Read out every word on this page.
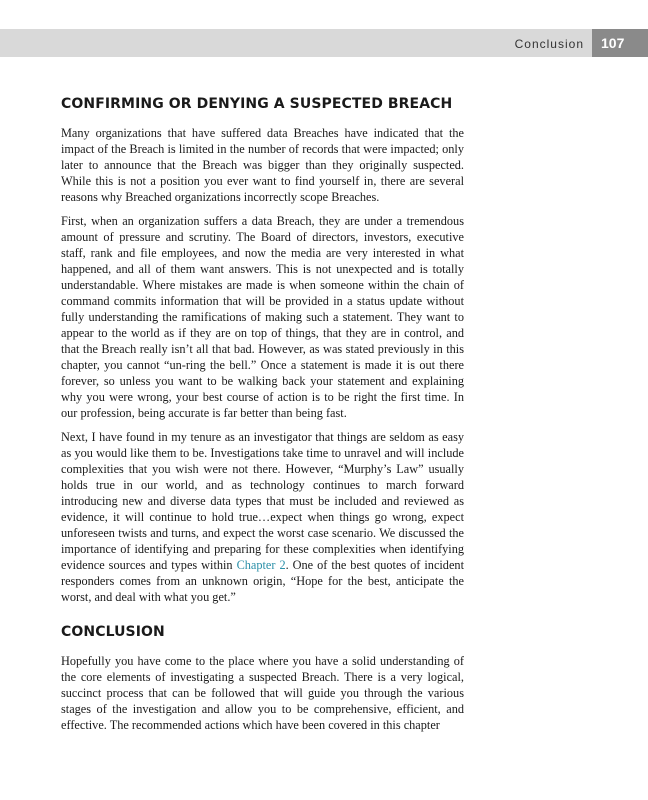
Conclusion 107
CONFIRMING OR DENYING A SUSPECTED BREACH

Many organizations that have suffered data Breaches have indicated that the impact of the Breach is limited in the number of records that were impacted; only later to announce that the Breach was bigger than they originally suspected. While this is not a position you ever want to find yourself in, there are several reasons why Breached organizations incorrectly scope Breaches.

First, when an organization suffers a data Breach, they are under a tremendous amount of pressure and scrutiny. The Board of directors, investors, executive staff, rank and file employees, and now the media are very interested in what happened, and all of them want answers. This is not unexpected and is totally understandable. Where mistakes are made is when someone within the chain of command commits information that will be provided in a status update without fully understanding the ramifications of making such a statement. They want to appear to the world as if they are on top of things, that they are in control, and that the Breach really isn’t all that bad. However, as was stated previously in this chapter, you cannot “un-ring the bell.” Once a statement is made it is out there forever, so unless you want to be walking back your statement and explaining why you were wrong, your best course of action is to be right the first time. In our profession, being accurate is far better than being fast.

Next, I have found in my tenure as an investigator that things are seldom as easy as you would like them to be. Investigations take time to unravel and will include complexities that you wish were not there. However, “Murphy’s Law” usually holds true in our world, and as technology continues to march forward introducing new and diverse data types that must be included and reviewed as evidence, it will continue to hold true…expect when things go wrong, expect unforeseen twists and turns, and expect the worst case scenario. We discussed the importance of identifying and preparing for these complexities when identifying evidence sources and types within Chapter 2. One of the best quotes of incident responders comes from an unknown origin, “Hope for the best, anticipate the worst, and deal with what you get.”

CONCLUSION

Hopefully you have come to the place where you have a solid understanding of the core elements of investigating a suspected Breach. There is a very logical, succinct process that can be followed that will guide you through the various stages of the investigation and allow you to be comprehensive, efficient, and effective. The recommended actions which have been covered in this chapter
